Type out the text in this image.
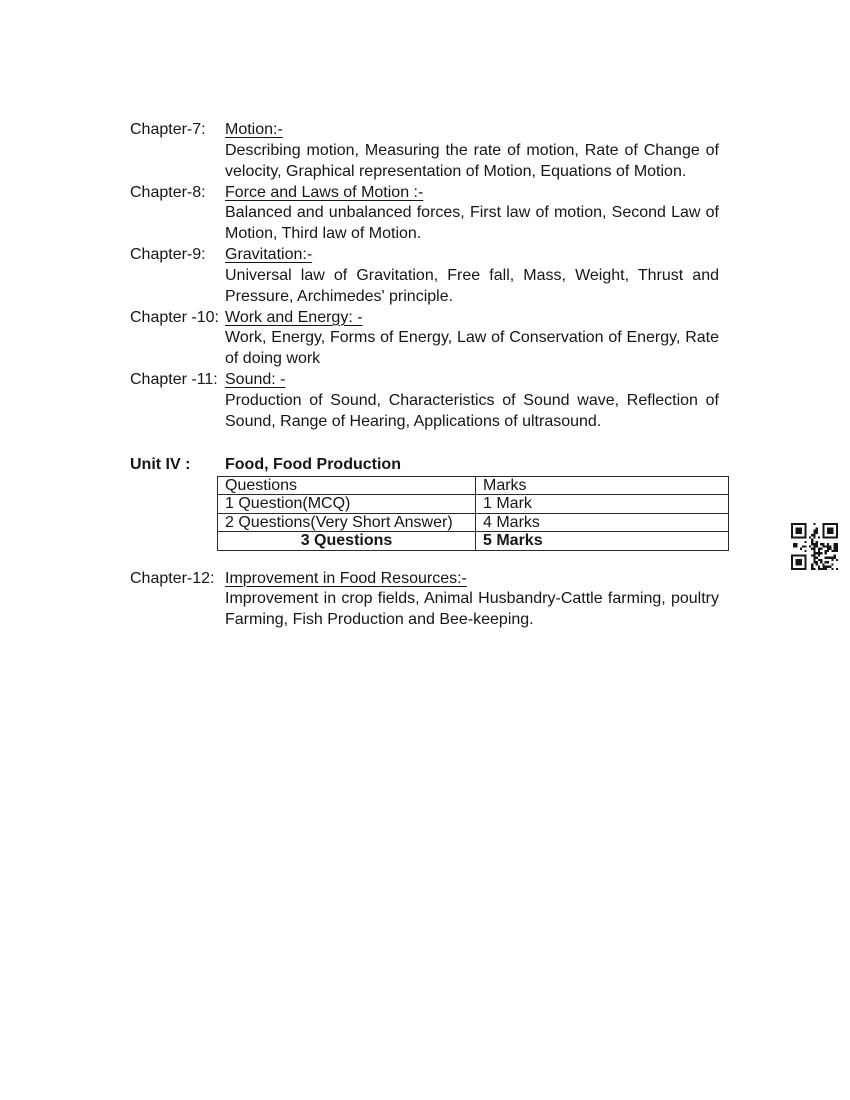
Chapter-7:	Motion:-
Describing motion, Measuring the rate of motion, Rate of Change of velocity, Graphical representation of Motion, Equations of Motion.
Chapter-8:	Force and Laws of Motion :-
Balanced and unbalanced forces, First law of motion, Second Law of Motion, Third law of Motion.
Chapter-9:	Gravitation:-
Universal law of Gravitation, Free fall, Mass, Weight, Thrust and Pressure, Archimedes' principle.
Chapter -10: Work and Energy: -
Work, Energy, Forms of Energy, Law of Conservation of Energy, Rate of doing work
Chapter -11: Sound: -
Production of Sound, Characteristics of Sound wave, Reflection of Sound, Range of Hearing, Applications of ultrasound.
Unit IV :	Food, Food Production
Questions	Marks
1 Question(MCQ)	1 Mark
2 Questions(Very Short Answer)	4 Marks
3 Questions	5 Marks
Chapter-12: Improvement in Food Resources:-
Improvement in crop fields, Animal Husbandry-Cattle farming, poultry Farming, Fish Production and Bee-keeping.
